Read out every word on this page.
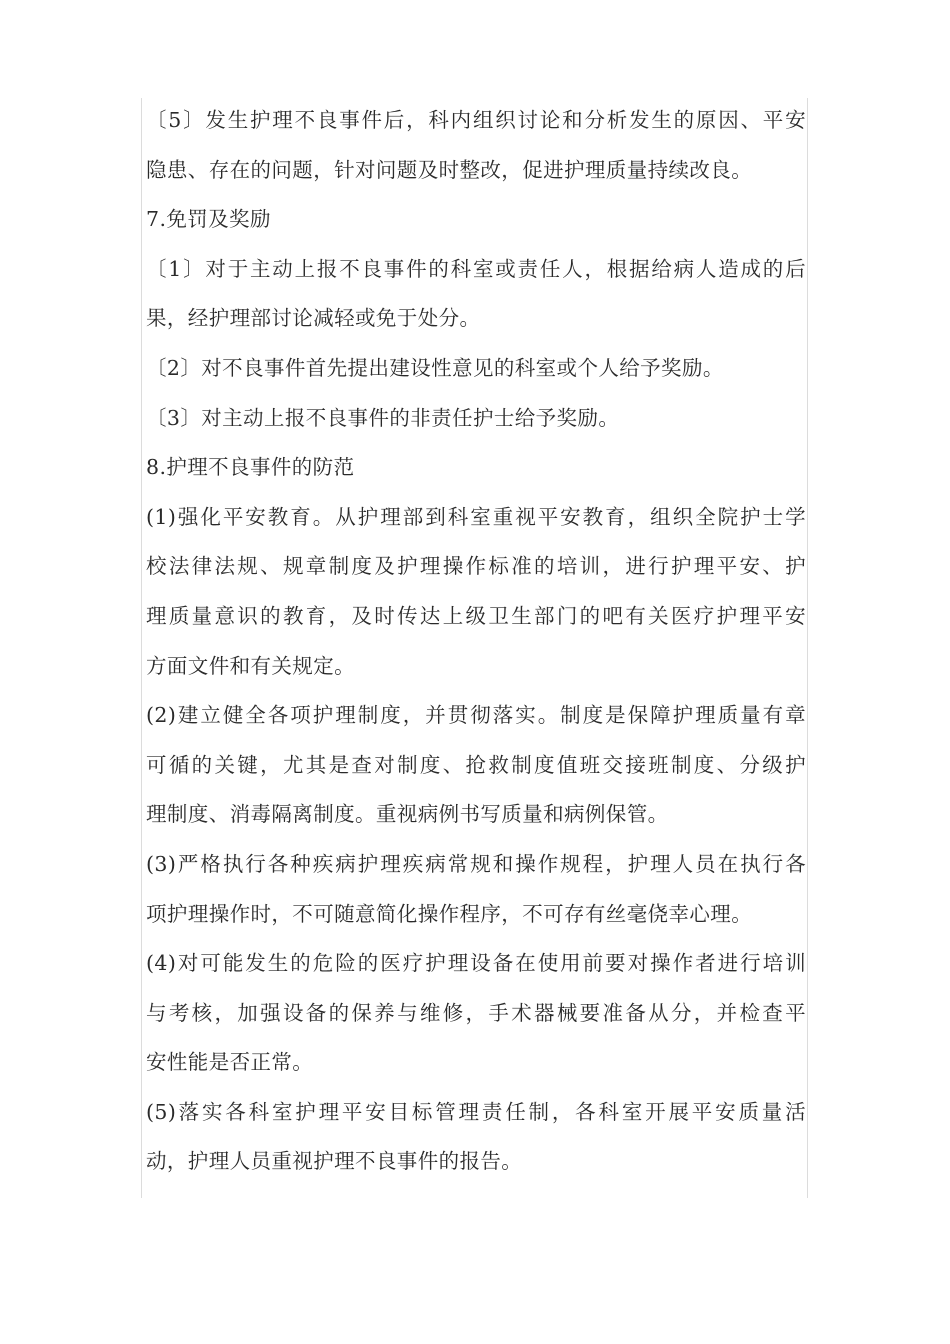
〔5〕发生护理不良事件后，科内组织讨论和分析发生的原因、平安
隐患、存在的问题，针对问题及时整改，促进护理质量持续改良。
7.免罚及奖励
〔1〕对于主动上报不良事件的科室或责任人，根据给病人造成的后
果，经护理部讨论减轻或免于处分。
〔2〕对不良事件首先提出建设性意见的科室或个人给予奖励。
〔3〕对主动上报不良事件的非责任护士给予奖励。
8.护理不良事件的防范
(1)强化平安教育。从护理部到科室重视平安教育，组织全院护士学
校法律法规、规章制度及护理操作标准的培训，进行护理平安、护
理质量意识的教育，及时传达上级卫生部门的吧有关医疗护理平安
方面文件和有关规定。
(2)建立健全各项护理制度，并贯彻落实。制度是保障护理质量有章
可循的关键，尤其是查对制度、抢救制度值班交接班制度、分级护
理制度、消毒隔离制度。重视病例书写质量和病例保管。
(3)严格执行各种疾病护理疾病常规和操作规程，护理人员在执行各
项护理操作时，不可随意简化操作程序，不可存有丝毫侥幸心理。
(4)对可能发生的危险的医疗护理设备在使用前要对操作者进行培训
与考核，加强设备的保养与维修，手术器械要准备从分，并检查平
安性能是否正常。
(5)落实各科室护理平安目标管理责任制，各科室开展平安质量活
动，护理人员重视护理不良事件的报告。
